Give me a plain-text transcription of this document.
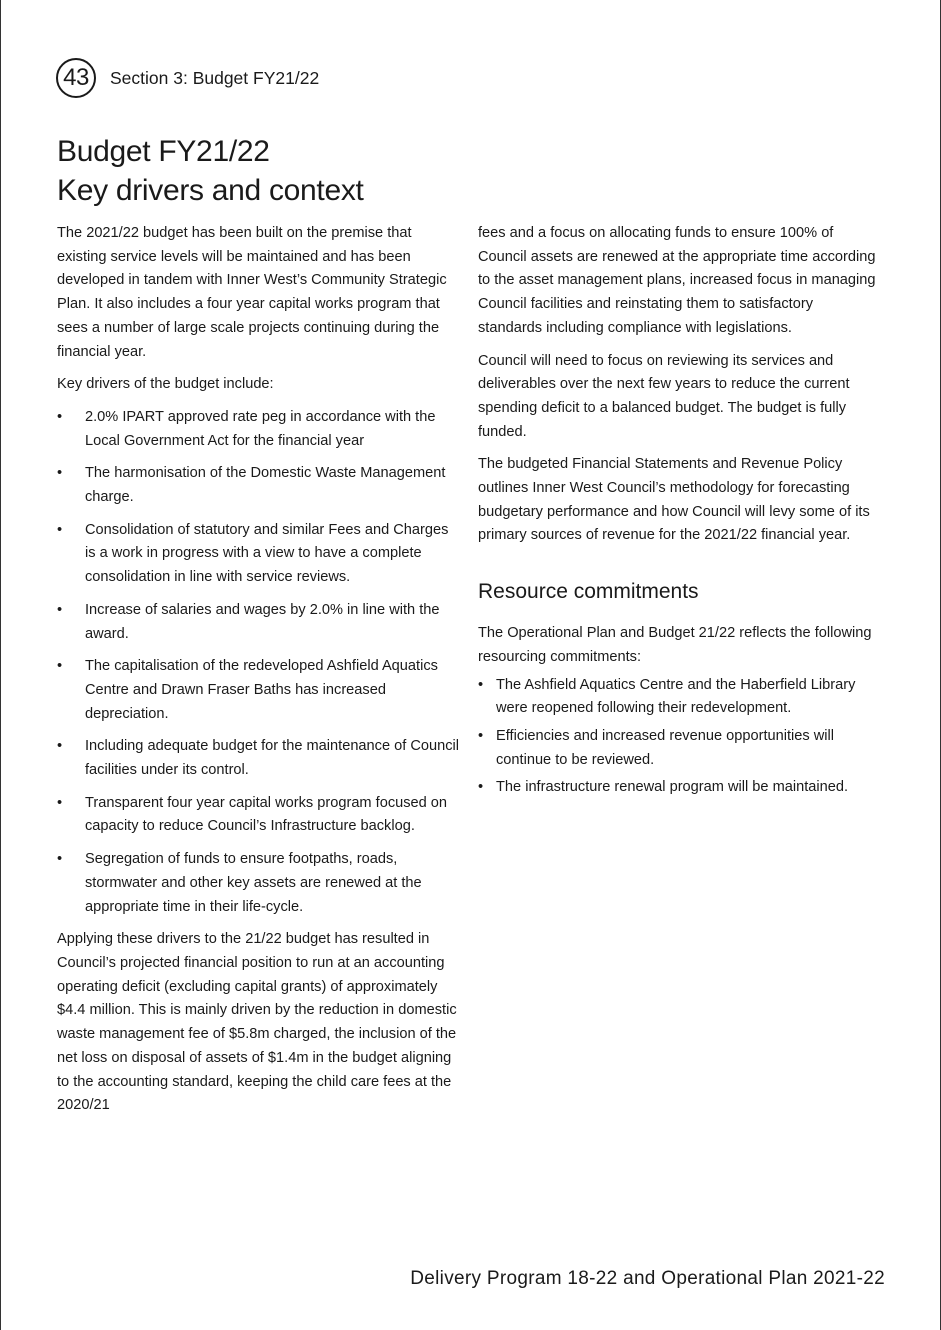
43	Section 3: Budget FY21/22
Budget FY21/22
Key drivers and context

The 2021/22 budget has been built on the premise that existing service levels will be maintained and has been developed in tandem with Inner West’s Community Strategic Plan. It also includes a four year capital works program that sees a number of large scale projects continuing during the financial year.

Key drivers of the budget include:

• 2.0% IPART approved rate peg in accordance with the Local Government Act for the financial year
• The harmonisation of the Domestic Waste Management charge.
• Consolidation of statutory and similar Fees and Charges is a work in progress with a view to have a complete consolidation in line with service reviews.
• Increase of salaries and wages by 2.0% in line with the award.
• The capitalisation of the redeveloped Ashfield Aquatics Centre and Drawn Fraser Baths has increased depreciation.
• Including adequate budget for the maintenance of Council facilities under its control.
• Transparent four year capital works program focused on capacity to reduce Council’s Infrastructure backlog.
• Segregation of funds to ensure footpaths, roads, stormwater and other key assets are renewed at the appropriate time in their life-cycle.

Applying these drivers to the 21/22 budget has resulted in Council’s projected financial position to run at an accounting operating deficit (excluding capital grants) of approximately $4.4 million. This is mainly driven by the reduction in domestic waste management fee of $5.8m charged, the inclusion of the net loss on disposal of assets of $1.4m in the budget aligning to the accounting standard, keeping the child care fees at the 2020/21

fees and a focus on allocating funds to ensure 100% of Council assets are renewed at the appropriate time according to the asset management plans, increased focus in managing Council facilities and reinstating them to satisfactory standards including compliance with legislations.

Council will need to focus on reviewing its services and deliverables over the next few years to reduce the current spending deficit to a balanced budget. The budget is fully funded.

The budgeted Financial Statements and Revenue Policy outlines Inner West Council’s methodology for forecasting budgetary performance and how Council will levy some of its primary sources of revenue for the 2021/22 financial year.

Resource commitments

The Operational Plan and Budget 21/22 reflects the following resourcing commitments:

• The Ashfield Aquatics Centre and the Haberfield Library were reopened following their redevelopment.
• Efficiencies and increased revenue opportunities will continue to be reviewed.
• The infrastructure renewal program will be maintained.
Delivery Program 18-22 and Operational Plan 2021-22
